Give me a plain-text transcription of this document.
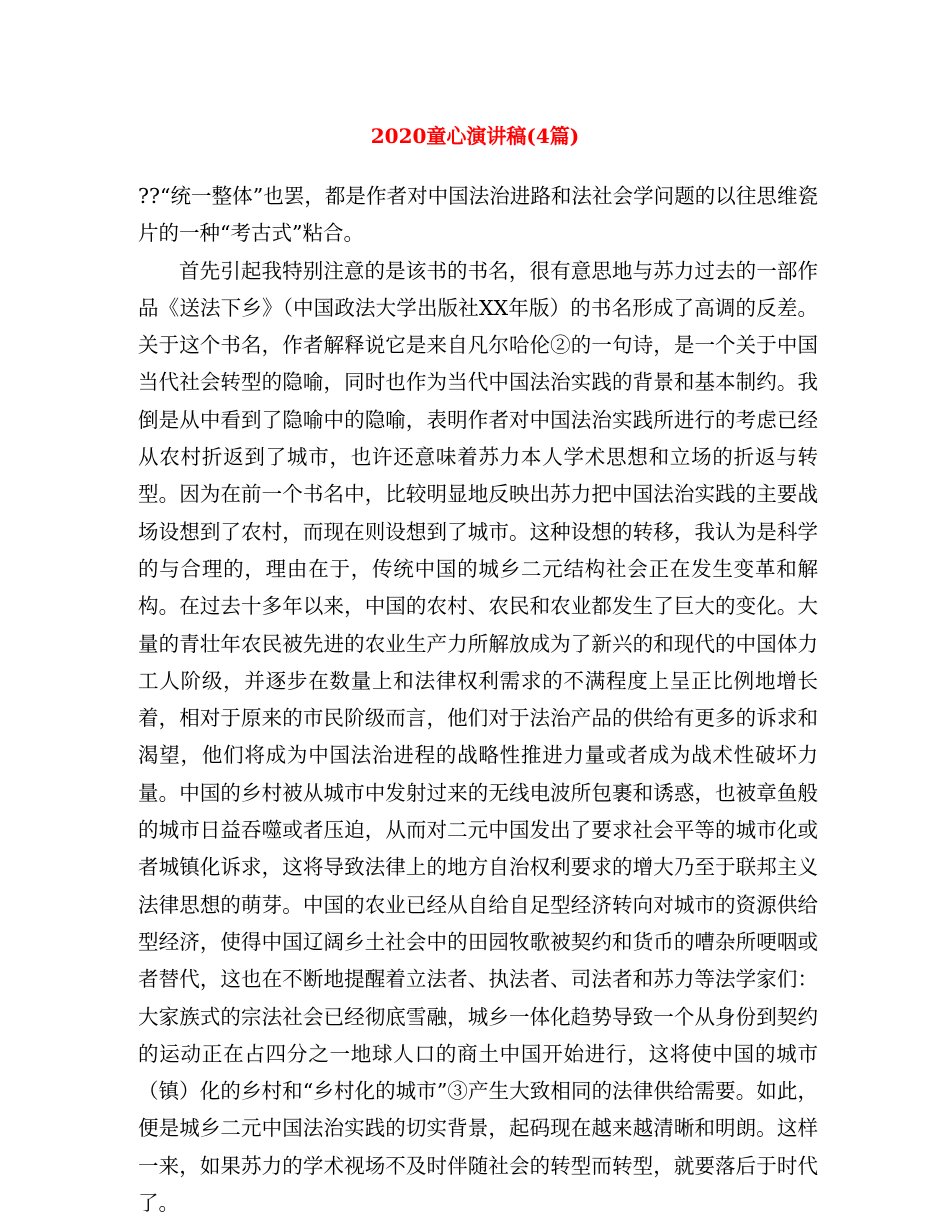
2020童心演讲稿(4篇)

??“统一整体”也罢，都是作者对中国法治进路和法社会学问题的以往思维瓷片的一种“考古式”粘合。

首先引起我特别注意的是该书的书名，很有意思地与苏力过去的一部作品《送法下乡》（中国政法大学出版社XX年版）的书名形成了高调的反差。关于这个书名，作者解释说它是来自凡尔哈伦②的一句诗，是一个关于中国当代社会转型的隐喻，同时也作为当代中国法治实践的背景和基本制约。我倒是从中看到了隐喻中的隐喻，表明作者对中国法治实践所进行的考虑已经从农村折返到了城市，也许还意味着苏力本人学术思想和立场的折返与转型。因为在前一个书名中，比较明显地反映出苏力把中国法治实践的主要战场设想到了农村，而现在则设想到了城市。这种设想的转移，我认为是科学的与合理的，理由在于，传统中国的城乡二元结构社会正在发生变革和解构。在过去十多年以来，中国的农村、农民和农业都发生了巨大的变化。大量的青壮年农民被先进的农业生产力所解放成为了新兴的和现代的中国体力工人阶级，并逐步在数量上和法律权利需求的不满程度上呈正比例地增长着，相对于原来的市民阶级而言，他们对于法治产品的供给有更多的诉求和渴望，他们将成为中国法治进程的战略性推进力量或者成为战术性破坏力量。中国的乡村被从城市中发射过来的无线电波所包裹和诱惑，也被章鱼般的城市日益吞噬或者压迫，从而对二元中国发出了要求社会平等的城市化或者城镇化诉求，这将导致法律上的地方自治权利要求的增大乃至于联邦主义法律思想的萌芽。中国的农业已经从自给自足型经济转向对城市的资源供给型经济，使得中国辽阔乡土社会中的田园牧歌被契约和货币的嘈杂所哽咽或者替代，这也在不断地提醒着立法者、执法者、司法者和苏力等法学家们：大家族式的宗法社会已经彻底雪融，城乡一体化趋势导致一个从身份到契约的运动正在占四分之一地球人口的商土中国开始进行，这将使中国的城市（镇）化的乡村和“乡村化的城市”③产生大致相同的法律供给需要。如此，便是城乡二元中国法治实践的切实背景，起码现在越来越清晰和明朗。这样一来，如果苏力的学术视场不及时伴随社会的转型而转型，就要落后于时代了。
